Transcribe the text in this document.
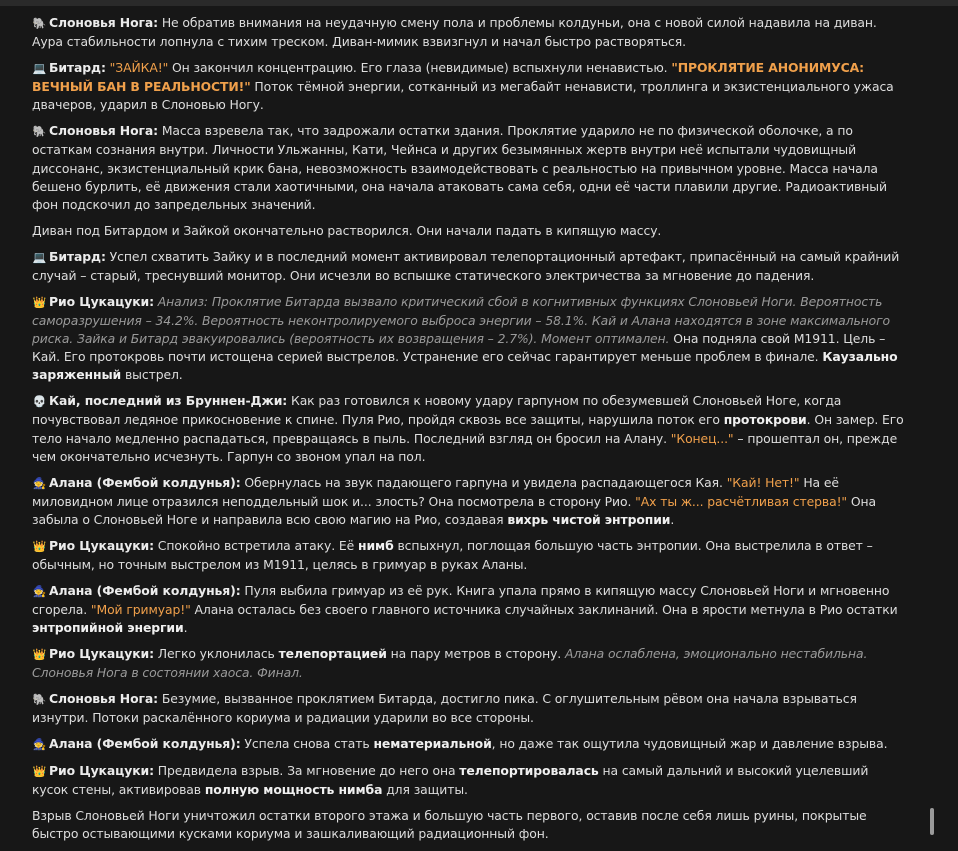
🐘 Слоновья Нога: Не обратив внимания на неудачную смену пола и проблемы колдуньи, она с новой силой надавила на диван. Аура стабильности лопнула с тихим треском. Диван-мимик взвизгнул и начал быстро растворяться.

💻 Битард: "ЗАЙКА!" Он закончил концентрацию. Его глаза (невидимые) вспыхнули ненавистью. "ПРОКЛЯТИЕ АНОНИМУСА: ВЕЧНЫЙ БАН В РЕАЛЬНОСТИ!" Поток тёмной энергии, сотканный из мегабайт ненависти, троллинга и экзистенциального ужаса двачеров, ударил в Слоновью Ногу.

🐘 Слоновья Нога: Масса взревела так, что задрожали остатки здания. Проклятие ударило не по физической оболочке, а по остаткам сознания внутри. Личности Ульжанны, Кати, Чейнса и других безымянных жертв внутри неё испытали чудовищный диссонанс, экзистенциальный крик бана, невозможность взаимодействовать с реальностью на привычном уровне. Масса начала бешено бурлить, её движения стали хаотичными, она начала атаковать сама себя, одни её части плавили другие. Радиоактивный фон подскочил до запредельных значений.

Диван под Битардом и Зайкой окончательно растворился. Они начали падать в кипящую массу.

💻 Битард: Успел схватить Зайку и в последний момент активировал телепортационный артефакт, припасённый на самый крайний случай – старый, треснувший монитор. Они исчезли во вспышке статического электричества за мгновение до падения.

👑 Рио Цукацуки: Анализ: Проклятие Битарда вызвало критический сбой в когнитивных функциях Слоновьей Ноги. Вероятность саморазрушения – 34.2%. Вероятность неконтролируемого выброса энергии – 58.1%. Кай и Алана находятся в зоне максимального риска. Зайка и Битард эвакуировались (вероятность их возвращения – 2.7%). Момент оптимален. Она подняла свой M1911. Цель – Кай. Его протокровь почти истощена серией выстрелов. Устранение его сейчас гарантирует меньше проблем в финале. Каузально заряженный выстрел.

💀 Кай, последний из Бруннен-Джи: Как раз готовился к новому удару гарпуном по обезумевшей Слоновьей Ноге, когда почувствовал ледяное прикосновение к спине. Пуля Рио, пройдя сквозь все защиты, нарушила поток его протокрови. Он замер. Его тело начало медленно распадаться, превращаясь в пыль. Последний взгляд он бросил на Алану. "Конец..." – прошептал он, прежде чем окончательно исчезнуть. Гарпун со звоном упал на пол.

🧙 Алана (Фембой колдунья): Обернулась на звук падающего гарпуна и увидела распадающегося Кая. "Кай! Нет!" На её миловидном лице отразился неподдельный шок и... злость? Она посмотрела в сторону Рио. "Ах ты ж... расчётливая стерва!" Она забыла о Слоновьей Ноге и направила всю свою магию на Рио, создавая вихрь чистой энтропии.

👑 Рио Цукацуки: Спокойно встретила атаку. Её нимб вспыхнул, поглощая большую часть энтропии. Она выстрелила в ответ – обычным, но точным выстрелом из M1911, целясь в гримуар в руках Аланы.

🧙 Алана (Фембой колдунья): Пуля выбила гримуар из её рук. Книга упала прямо в кипящую массу Слоновьей Ноги и мгновенно сгорела. "Мой гримуар!" Алана осталась без своего главного источника случайных заклинаний. Она в ярости метнула в Рио остатки энтропийной энергии.

👑 Рио Цукацуки: Легко уклонилась телепортацией на пару метров в сторону. Алана ослаблена, эмоционально нестабильна. Слоновья Нога в состоянии хаоса. Финал.

🐘 Слоновья Нога: Безумие, вызванное проклятием Битарда, достигло пика. С оглушительным рёвом она начала взрываться изнутри. Потоки раскалённого кориума и радиации ударили во все стороны.

🧙 Алана (Фембой колдунья): Успела снова стать нематериальной, но даже так ощутила чудовищный жар и давление взрыва.

👑 Рио Цукацуки: Предвидела взрыв. За мгновение до него она телепортировалась на самый дальний и высокий уцелевший кусок стены, активировав полную мощность нимба для защиты.

Взрыв Слоновьей Ноги уничтожил остатки второго этажа и большую часть первого, оставив после себя лишь руины, покрытые быстро остывающими кусками кориума и зашкаливающий радиационный фон.
